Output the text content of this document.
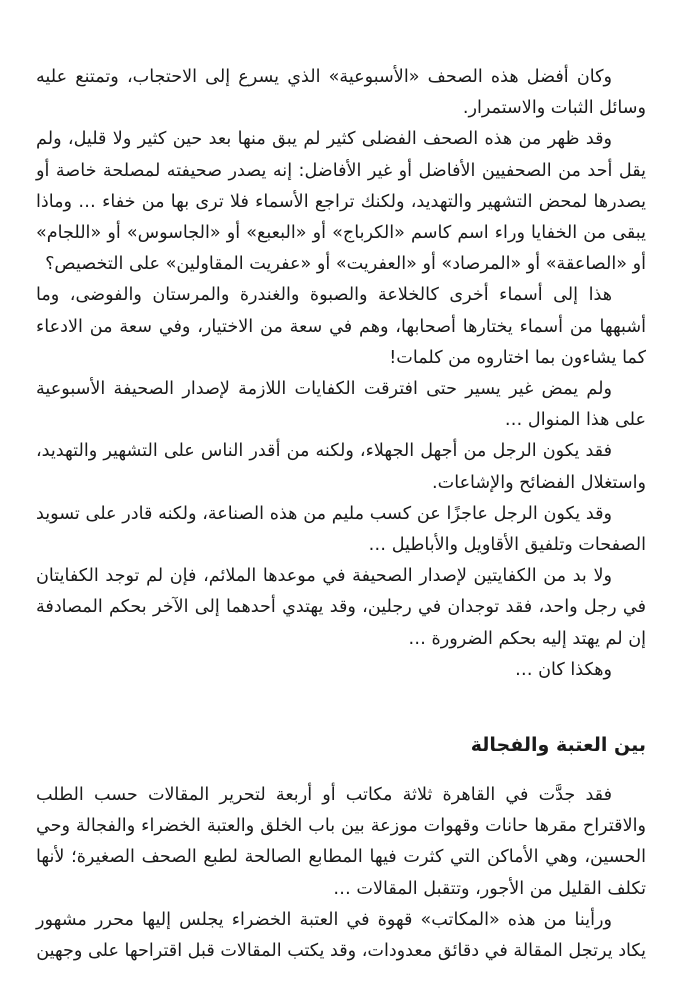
وكان أفضل هذه الصحف «الأسبوعية» الذي يسرع إلى الاحتجاب، وتمتنع عليه وسائل الثبات والاستمرار.

وقد ظهر من هذه الصحف الفضلى كثير لم يبق منها بعد حين كثير ولا قليل، ولم يقل أحد من الصحفيين الأفاضل أو غير الأفاضل: إنه يصدر صحيفته لمصلحة خاصة أو يصدرها لمحض التشهير والتهديد، ولكنك تراجع الأسماء فلا ترى بها من خفاء … وماذا يبقى من الخفايا وراء اسم كاسم «الكرباج» أو «البعبع» أو «الجاسوس» أو «اللجام» أو «الصاعقة» أو «المرصاد» أو «العفريت» أو «عفريت المقاولين» على التخصيص؟

هذا إلى أسماء أخرى كالخلاعة والصبوة والغندرة والمرستان والفوضى، وما أشبهها من أسماء يختارها أصحابها، وهم في سعة من الاختيار، وفي سعة من الادعاء كما يشاءون بما اختاروه من كلمات!

ولم يمض غير يسير حتى افترقت الكفايات اللازمة لإصدار الصحيفة الأسبوعية على هذا المنوال …

فقد يكون الرجل من أجهل الجهلاء، ولكنه من أقدر الناس على التشهير والتهديد، واستغلال الفضائح والإشاعات.

وقد يكون الرجل عاجزًا عن كسب مليم من هذه الصناعة، ولكنه قادر على تسويد الصفحات وتلفيق الأقاويل والأباطيل …

ولا بد من الكفايتين لإصدار الصحيفة في موعدها الملائم، فإن لم توجد الكفايتان في رجل واحد، فقد توجدان في رجلين، وقد يهتدي أحدهما إلى الآخر بحكم المصادفة إن لم يهتد إليه بحكم الضرورة …

وهكذا كان …

بين العتبة والفجالة

فقد جدَّت في القاهرة ثلاثة مكاتب أو أربعة لتحرير المقالات حسب الطلب والاقتراح مقرها حانات وقهوات موزعة بين باب الخلق والعتبة الخضراء والفجالة وحي الحسين، وهي الأماكن التي كثرت فيها المطابع الصالحة لطبع الصحف الصغيرة؛ لأنها تكلف القليل من الأجور، وتتقبل المقالات …

ورأينا من هذه «المكاتب» قهوة في العتبة الخضراء يجلس إليها محرر مشهور يكاد يرتجل المقالة في دقائق معدودات، وقد يكتب المقالات قبل اقتراحها على وجهين
